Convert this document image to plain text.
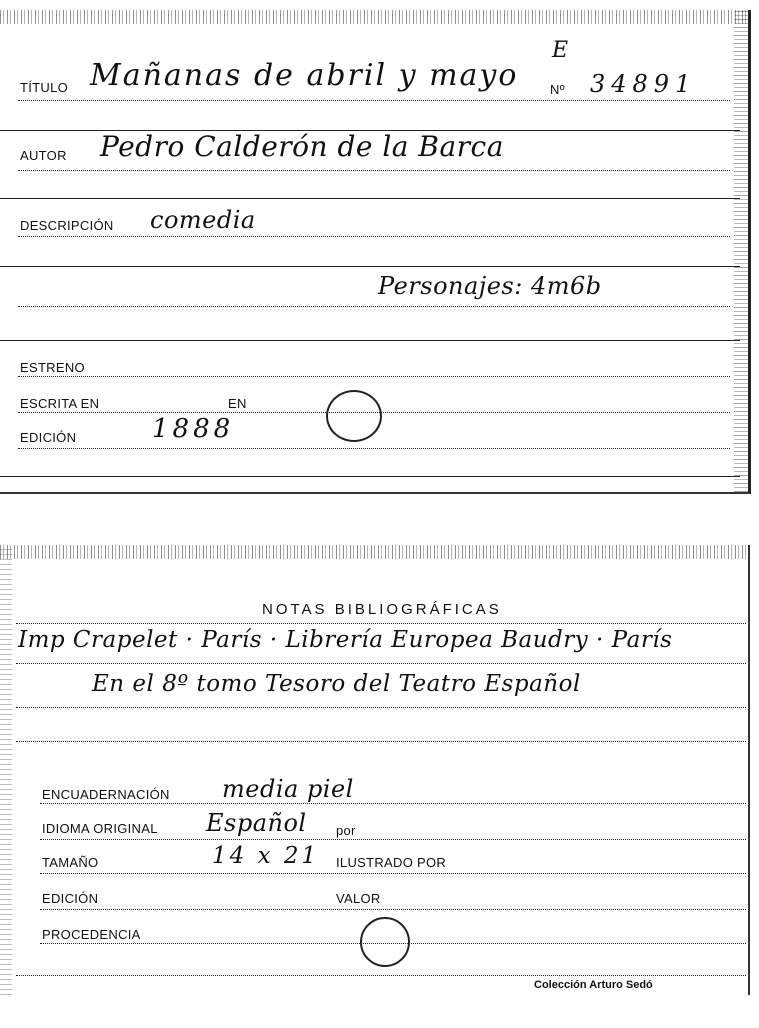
TÍTULO Mañanas de abril y mayo
E
Nº 34891
AUTOR Pedro Calderón de la Barca
DESCRIPCIÓN comedia
Personajes: 4m6b
ESTRENO
ESCRITA EN	EN
EDICIÓN	1888
NOTAS BIBLIOGRÁFICAS
Imp Crapelet · París · Librería Europea Baudry · París
En el 8º tomo Tesoro del Teatro Español
ENCUADERNACIÓN media piel
IDIOMA ORIGINAL Español por
TAMAÑO	14 x 21 ILUSTRADO POR
EDICIÓN	VALOR
PROCEDENCIA
Colección Arturo Sedó
